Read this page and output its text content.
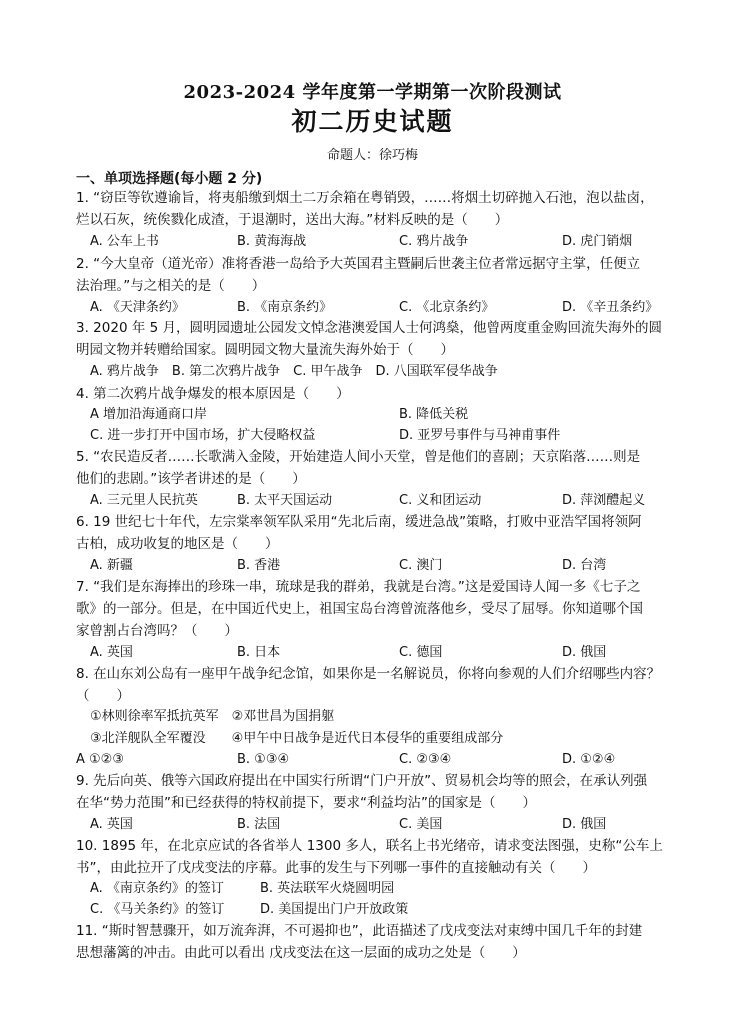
2023-2024 学年度第一学期第一次阶段测试
初二历史试题
命题人：徐巧梅
一、单项选择题(每小题 2 分)
1. “窃臣等钦遵谕旨，将夷船缴到烟土二万余箱在粤销毁，……将烟土切碎抛入石池，泡以盐卤，
烂以石灰，统俟戮化成渣，于退潮时，送出大海。”材料反映的是（　　）
A. 公车上书	B. 黄海海战	C. 鸦片战争	D. 虎门销烟
2. “今大皇帝（道光帝）准将香港一岛给予大英国君主暨嗣后世袭主位者常远据守主掌，任便立
法治理。”与之相关的是（　　）
A. 《天津条约》	B. 《南京条约》	C. 《北京条约》	D. 《辛丑条约》
3. 2020 年 5 月，圆明园遗址公园发文悼念港澳爱国人士何鸿燊，他曾两度重金购回流失海外的圆
明园文物并转赠给国家。圆明园文物大量流失海外始于（　　）
A. 鸦片战争　B. 第二次鸦片战争　C. 甲午战争　D. 八国联军侵华战争
4. 第二次鸦片战争爆发的根本原因是（　　）
A 增加沿海通商口岸	B. 降低关税
C. 进一步打开中国市场，扩大侵略权益	D. 亚罗号事件与马神甫事件
5. “农民造反者……长歌满入金陵，开始建造人间小天堂，曾是他们的喜剧；天京陷落……则是
他们的悲剧。”该学者讲述的是（　　）
A. 三元里人民抗英	B. 太平天国运动	C. 义和团运动	D. 萍浏醴起义
6. 19 世纪七十年代，左宗棠率领军队采用“先北后南，缓进急战”策略，打败中亚浩罕国将领阿
古柏，成功收复的地区是（　　）
A. 新疆	B. 香港	C. 澳门	D. 台湾
7. “我们是东海捧出的珍珠一串，琉球是我的群弟，我就是台湾。”这是爱国诗人闻一多《七子之
歌》的一部分。但是，在中国近代史上，祖国宝岛台湾曾流落他乡，受尽了屈辱。你知道哪个国
家曾割占台湾吗？（　　）
A. 英国	B. 日本	C. 德国	D. 俄国
8. 在山东刘公岛有一座甲午战争纪念馆，如果你是一名解说员，你将向参观的人们介绍哪些内容？
（　　）
①林则徐率军抵抗英军　②邓世昌为国捐躯
③北洋舰队全军覆没　　④甲午中日战争是近代日本侵华的重要组成部分
A ①②③	B. ①③④	C. ②③④	D. ①②④
9. 先后向英、俄等六国政府提出在中国实行所谓“门户开放”、贸易机会均等的照会，在承认列强
在华“势力范围”和已经获得的特权前提下，要求“利益均沾”的国家是（　　）
A. 英国	B. 法国	C. 美国	D. 俄国
10. 1895 年，在北京应试的各省举人 1300 多人，联名上书光绪帝，请求变法图强，史称“公车上
书”，由此拉开了戊戌变法的序幕。此事的发生与下列哪一事件的直接触动有关（　　）
A. 《南京条约》的签订	B. 英法联军火烧圆明园
C. 《马关条约》的签订	D. 美国提出门户开放政策
11. “斯时智慧骤开，如万流奔湃，不可遏抑也”，此语描述了戊戌变法对束缚中国几千年的封建
思想藩篱的冲击。由此可以看出 戊戌变法在这一层面的成功之处是（　　）
